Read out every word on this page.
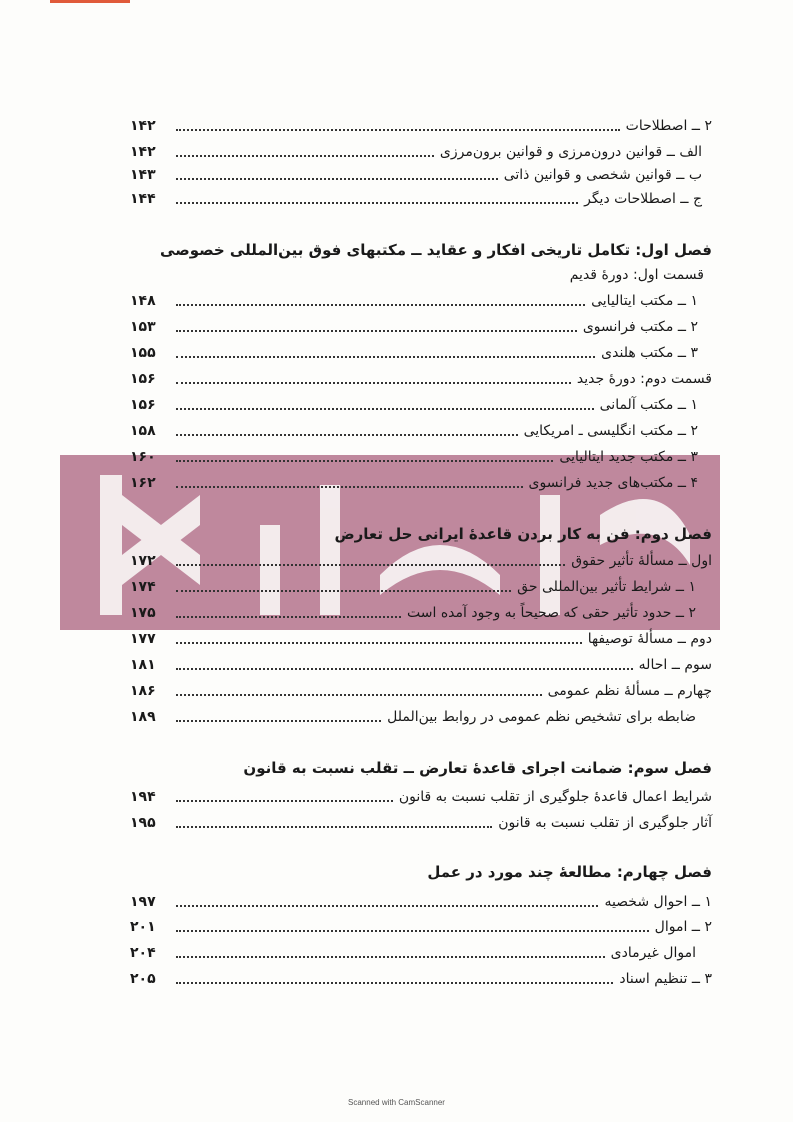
۲ ــ اصطلاحات
۱۴۲
الف ــ قوانین درون‌مرزی و قوانین برون‌مرزی
۱۴۲
ب ــ قوانین شخصی و قوانین ذاتی
۱۴۳
ج ــ اصطلاحات دیگر
۱۴۴
فصل اول: تکامل تاریخی افکار و عقاید ــ مکتبهای فوق بین‌المللی خصوصی
قسمت اول: دورۀ قدیم
۱ ــ مکتب ایتالیایی
۱۴۸
۲ ــ مکتب فرانسوی
۱۵۳
۳ ــ مکتب هلندی
۱۵۵
قسمت دوم: دورۀ جدید
۱۵۶
۱ ــ مکتب آلمانی
۱۵۶
۲ ــ مکتب انگلیسی ـ امریکایی
۱۵۸
۳ ــ مکتب جدید ایتالیایی
۱۶۰
۴ ــ مکتب‌های جدید فرانسوی
۱۶۲
فصل دوم: فن به کار بردن قاعدۀ ایرانی حل تعارض
اول ــ مسألۀ تأثیر حقوق
۱۷۲
۱ ــ شرایط تأثیر بین‌المللی حق
۱۷۴
۲ ــ حدود تأثیر حقی که صحیحاً به وجود آمده است
۱۷۵
دوم ــ مسألۀ توصیفها
۱۷۷
سوم ــ احاله
۱۸۱
چهارم ــ مسألۀ نظم عمومی
۱۸۶
ضابطه برای تشخیص نظم عمومی در روابط بین‌الملل
۱۸۹
فصل سوم: ضمانت اجرای قاعدۀ تعارض ــ تقلب نسبت به قانون
شرایط اعمال قاعدۀ جلوگیری از تقلب نسبت به قانون
۱۹۴
آثار جلوگیری از تقلب نسبت به قانون
۱۹۵
فصل چهارم: مطالعۀ چند مورد در عمل
۱ ــ احوال شخصیه
۱۹۷
۲ ــ اموال
۲۰۱
اموال غیرمادی
۲۰۴
۳ ــ تنظیم اسناد
۲۰۵
Scanned with CamScanner
